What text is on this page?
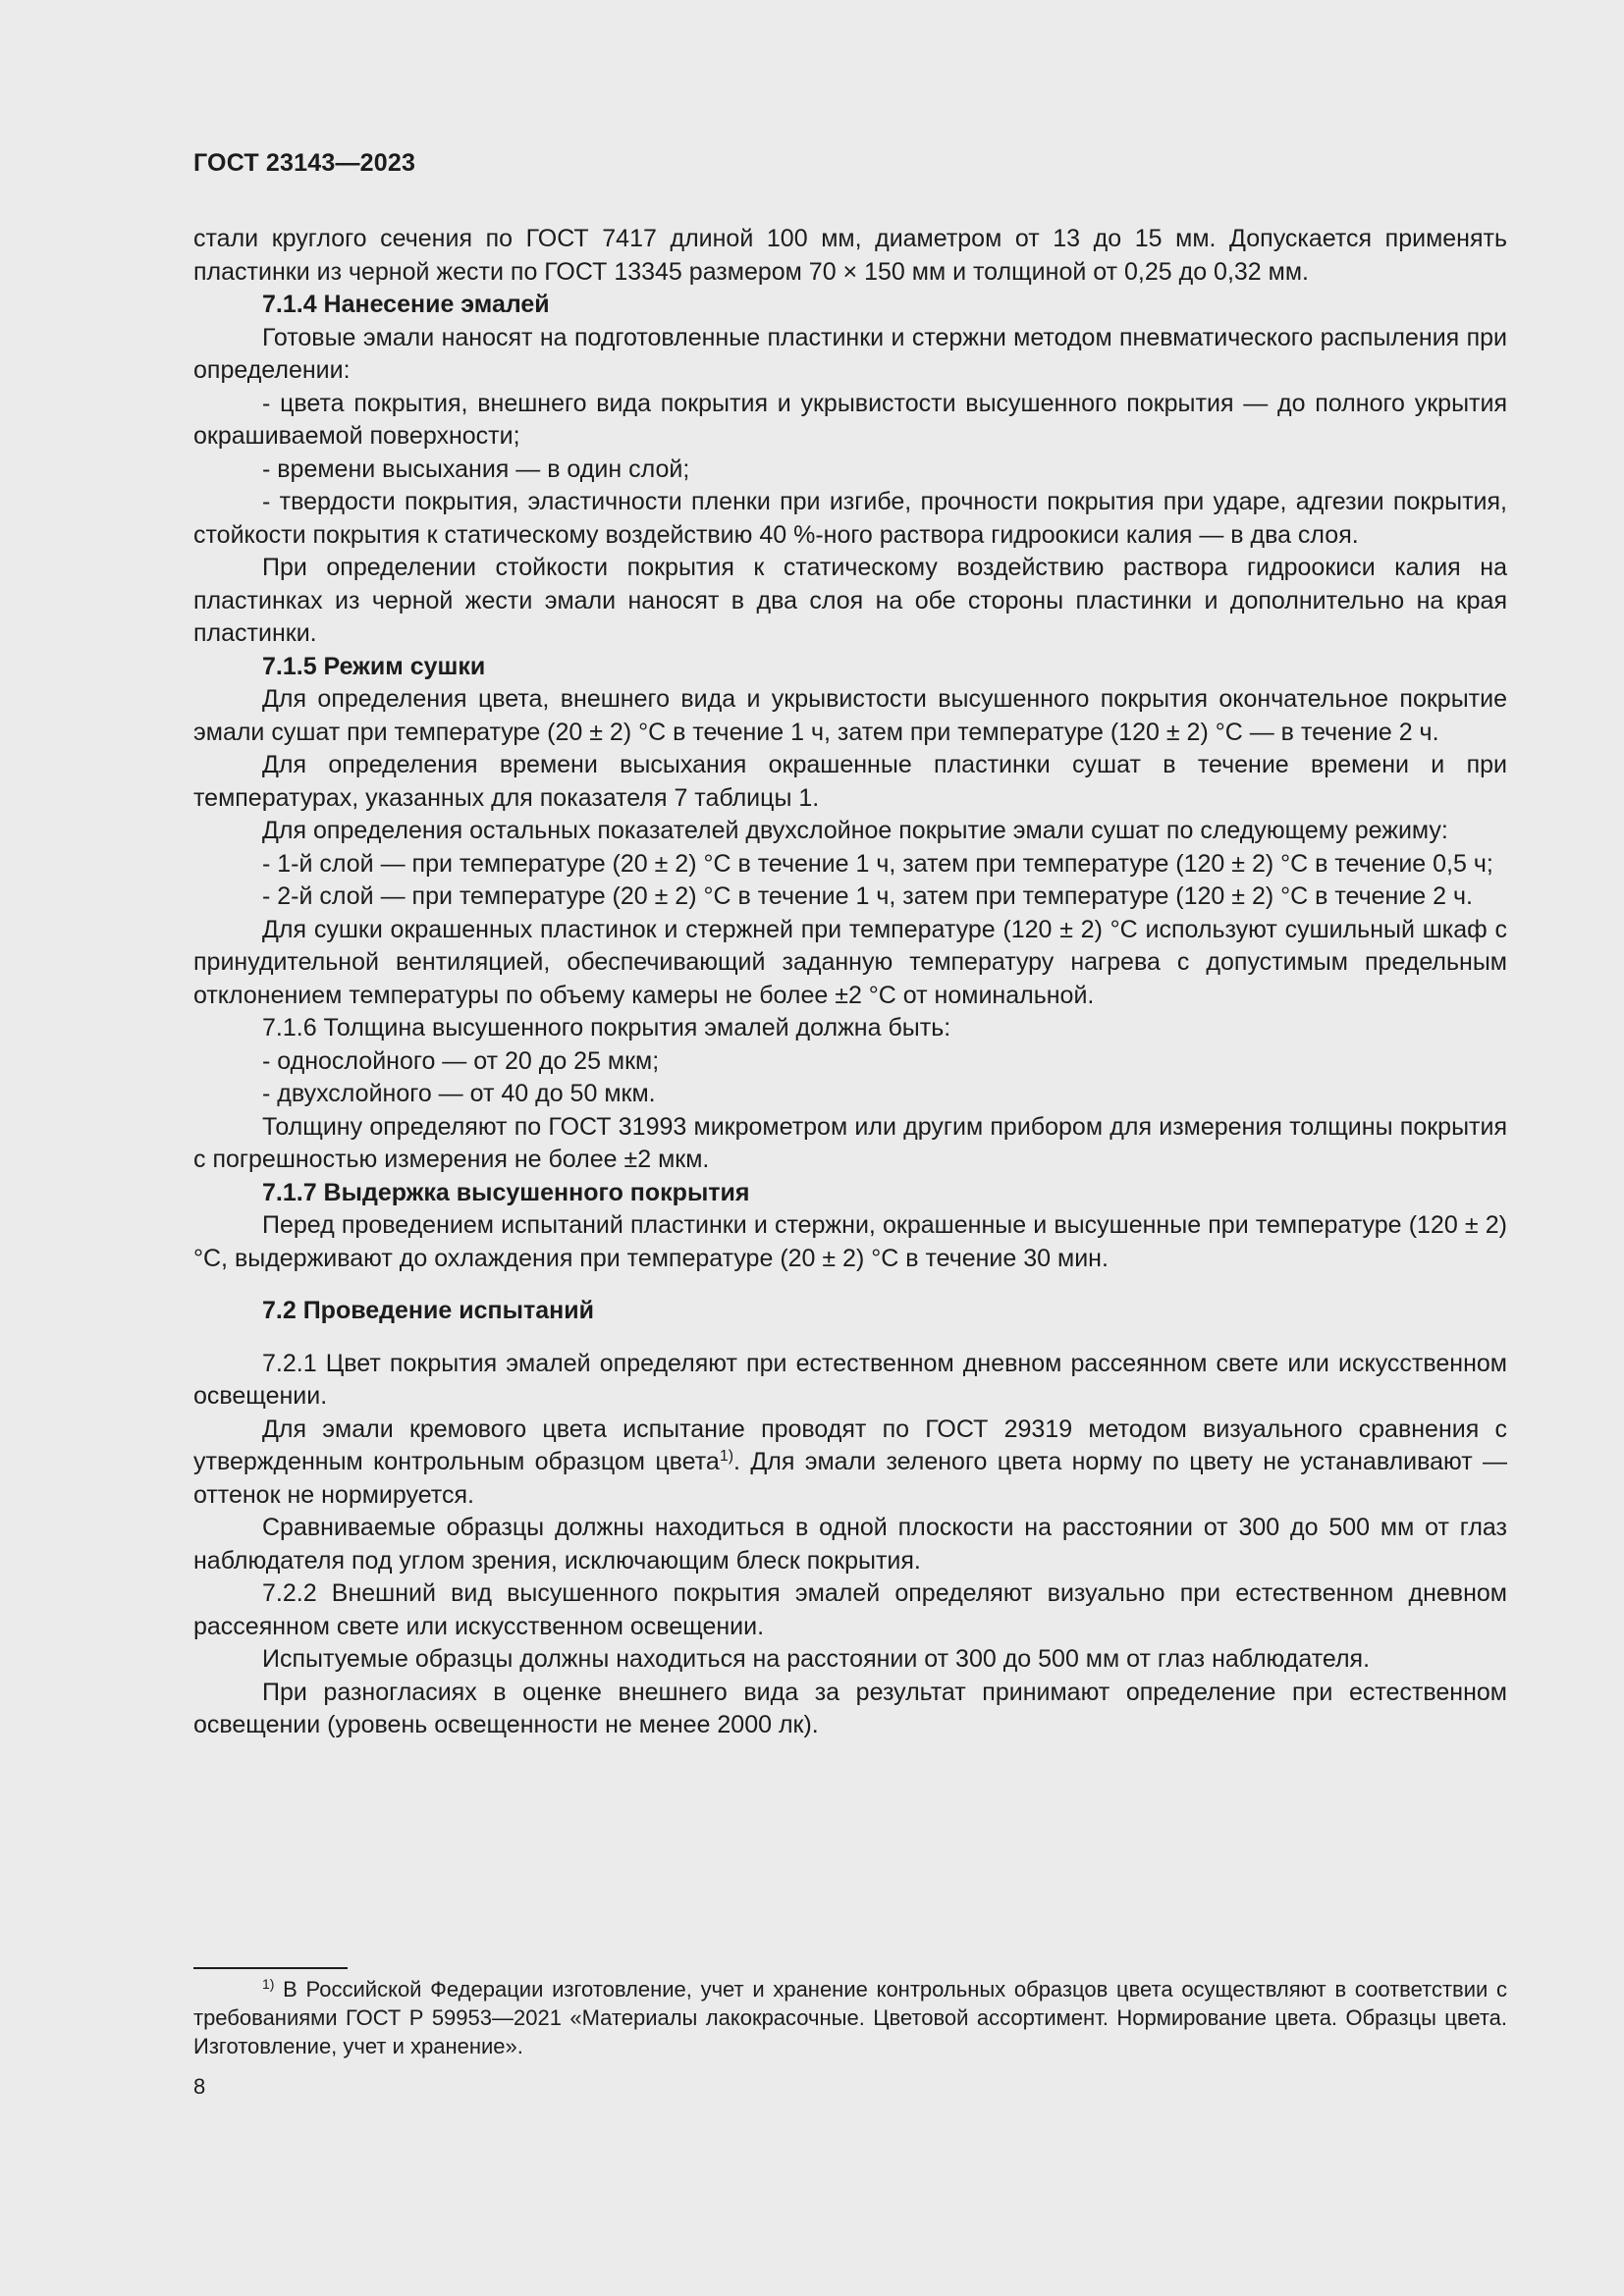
ГОСТ 23143—2023

стали круглого сечения по ГОСТ 7417 длиной 100 мм, диаметром от 13 до 15 мм. Допускается применять пластинки из черной жести по ГОСТ 13345 размером 70 × 150 мм и толщиной от 0,25 до 0,32 мм.

7.1.4 Нанесение эмалей

Готовые эмали наносят на подготовленные пластинки и стержни методом пневматического распыления при определении:

- цвета покрытия, внешнего вида покрытия и укрывистости высушенного покрытия — до полного укрытия окрашиваемой поверхности;

- времени высыхания — в один слой;

- твердости покрытия, эластичности пленки при изгибе, прочности покрытия при ударе, адгезии покрытия, стойкости покрытия к статическому воздействию 40 %-ного раствора гидроокиси калия — в два слоя.

При определении стойкости покрытия к статическому воздействию раствора гидроокиси калия на пластинках из черной жести эмали наносят в два слоя на обе стороны пластинки и дополнительно на края пластинки.

7.1.5 Режим сушки

Для определения цвета, внешнего вида и укрывистости высушенного покрытия окончательное покрытие эмали сушат при температуре (20 ± 2) °С в течение 1 ч, затем при температуре (120 ± 2) °С — в течение 2 ч.

Для определения времени высыхания окрашенные пластинки сушат в течение времени и при температурах, указанных для показателя 7 таблицы 1.

Для определения остальных показателей двухслойное покрытие эмали сушат по следующему режиму:

- 1-й слой — при температуре (20 ± 2) °С в течение 1 ч, затем при температуре (120 ± 2) °С в течение 0,5 ч;

- 2-й слой — при температуре (20 ± 2) °С в течение 1 ч, затем при температуре (120 ± 2) °С в течение 2 ч.

Для сушки окрашенных пластинок и стержней при температуре (120 ± 2) °С используют сушильный шкаф с принудительной вентиляцией, обеспечивающий заданную температуру нагрева с допустимым предельным отклонением температуры по объему камеры не более ±2 °С от номинальной.

7.1.6 Толщина высушенного покрытия эмалей должна быть:

- однослойного — от 20 до 25 мкм;

- двухслойного — от 40 до 50 мкм.

Толщину определяют по ГОСТ 31993 микрометром или другим прибором для измерения толщины покрытия с погрешностью измерения не более ±2 мкм.

7.1.7 Выдержка высушенного покрытия

Перед проведением испытаний пластинки и стержни, окрашенные и высушенные при температуре (120 ± 2) °С, выдерживают до охлаждения при температуре (20 ± 2) °С в течение 30 мин.

7.2 Проведение испытаний

7.2.1 Цвет покрытия эмалей определяют при естественном дневном рассеянном свете или искусственном освещении.

Для эмали кремового цвета испытание проводят по ГОСТ 29319 методом визуального сравнения с утвержденным контрольным образцом цвета$^{1)}$. Для эмали зеленого цвета норму по цвету не устанавливают — оттенок не нормируется.

Сравниваемые образцы должны находиться в одной плоскости на расстоянии от 300 до 500 мм от глаз наблюдателя под углом зрения, исключающим блеск покрытия.

7.2.2 Внешний вид высушенного покрытия эмалей определяют визуально при естественном дневном рассеянном свете или искусственном освещении.

Испытуемые образцы должны находиться на расстоянии от 300 до 500 мм от глаз наблюдателя.

При разногласиях в оценке внешнего вида за результат принимают определение при естественном освещении (уровень освещенности не менее 2000 лк).

$^{1)}$ В Российской Федерации изготовление, учет и хранение контрольных образцов цвета осуществляют в соответствии с требованиями ГОСТ Р 59953—2021 «Материалы лакокрасочные. Цветовой ассортимент. Нормирование цвета. Образцы цвета. Изготовление, учет и хранение».

8
